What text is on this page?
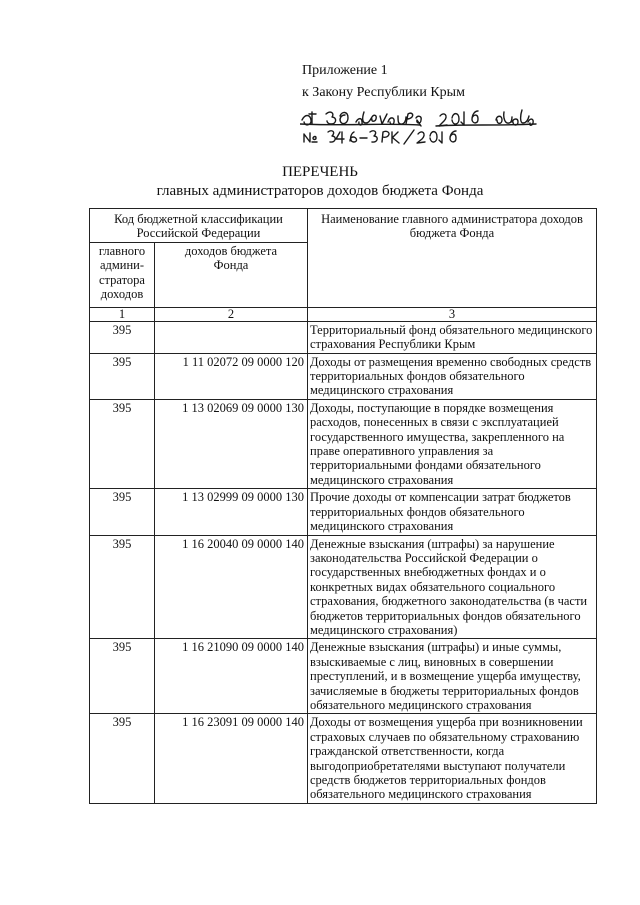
Приложение 1
к Закону Республики Крым
ПЕРЕЧЕНЬ
главных администраторов доходов бюджета Фонда
Код бюджетной классификации Российской Федерации		Наименование главного администратора доходов бюджета Фонда
главного админи-стратора доходов	доходов бюджета Фонда	
1	2	3
395		Территориальный фонд обязательного медицинского страхования Республики Крым
395	1 11 02072 09 0000 120	Доходы от размещения временно свободных средств территориальных фондов обязательного медицинского страхования
395	1 13 02069 09 0000 130	Доходы, поступающие в порядке возмещения расходов, понесенных в связи с эксплуатацией государственного имущества, закрепленного на праве оперативного управления за территориальными фондами обязательного медицинского страхования
395	1 13 02999 09 0000 130	Прочие доходы от компенсации затрат бюджетов территориальных фондов обязательного медицинского страхования
395	1 16 20040 09 0000 140	Денежные взыскания (штрафы) за нарушение законодательства Российской Федерации о государственных внебюджетных фондах и о конкретных видах обязательного социального страхования, бюджетного законодательства (в части бюджетов территориальных фондов обязательного медицинского страхования)
395	1 16 21090 09 0000 140	Денежные взыскания (штрафы) и иные суммы, взыскиваемые с лиц, виновных в совершении преступлений, и в возмещение ущерба имуществу, зачисляемые в бюджеты территориальных фондов обязательного медицинского страхования
395	1 16 23091 09 0000 140	Доходы от возмещения ущерба при возникновении страховых случаев по обязательному страхованию гражданской ответственности, когда выгодоприобретателями выступают получатели средств бюджетов территориальных фондов обязательного медицинского страхования
